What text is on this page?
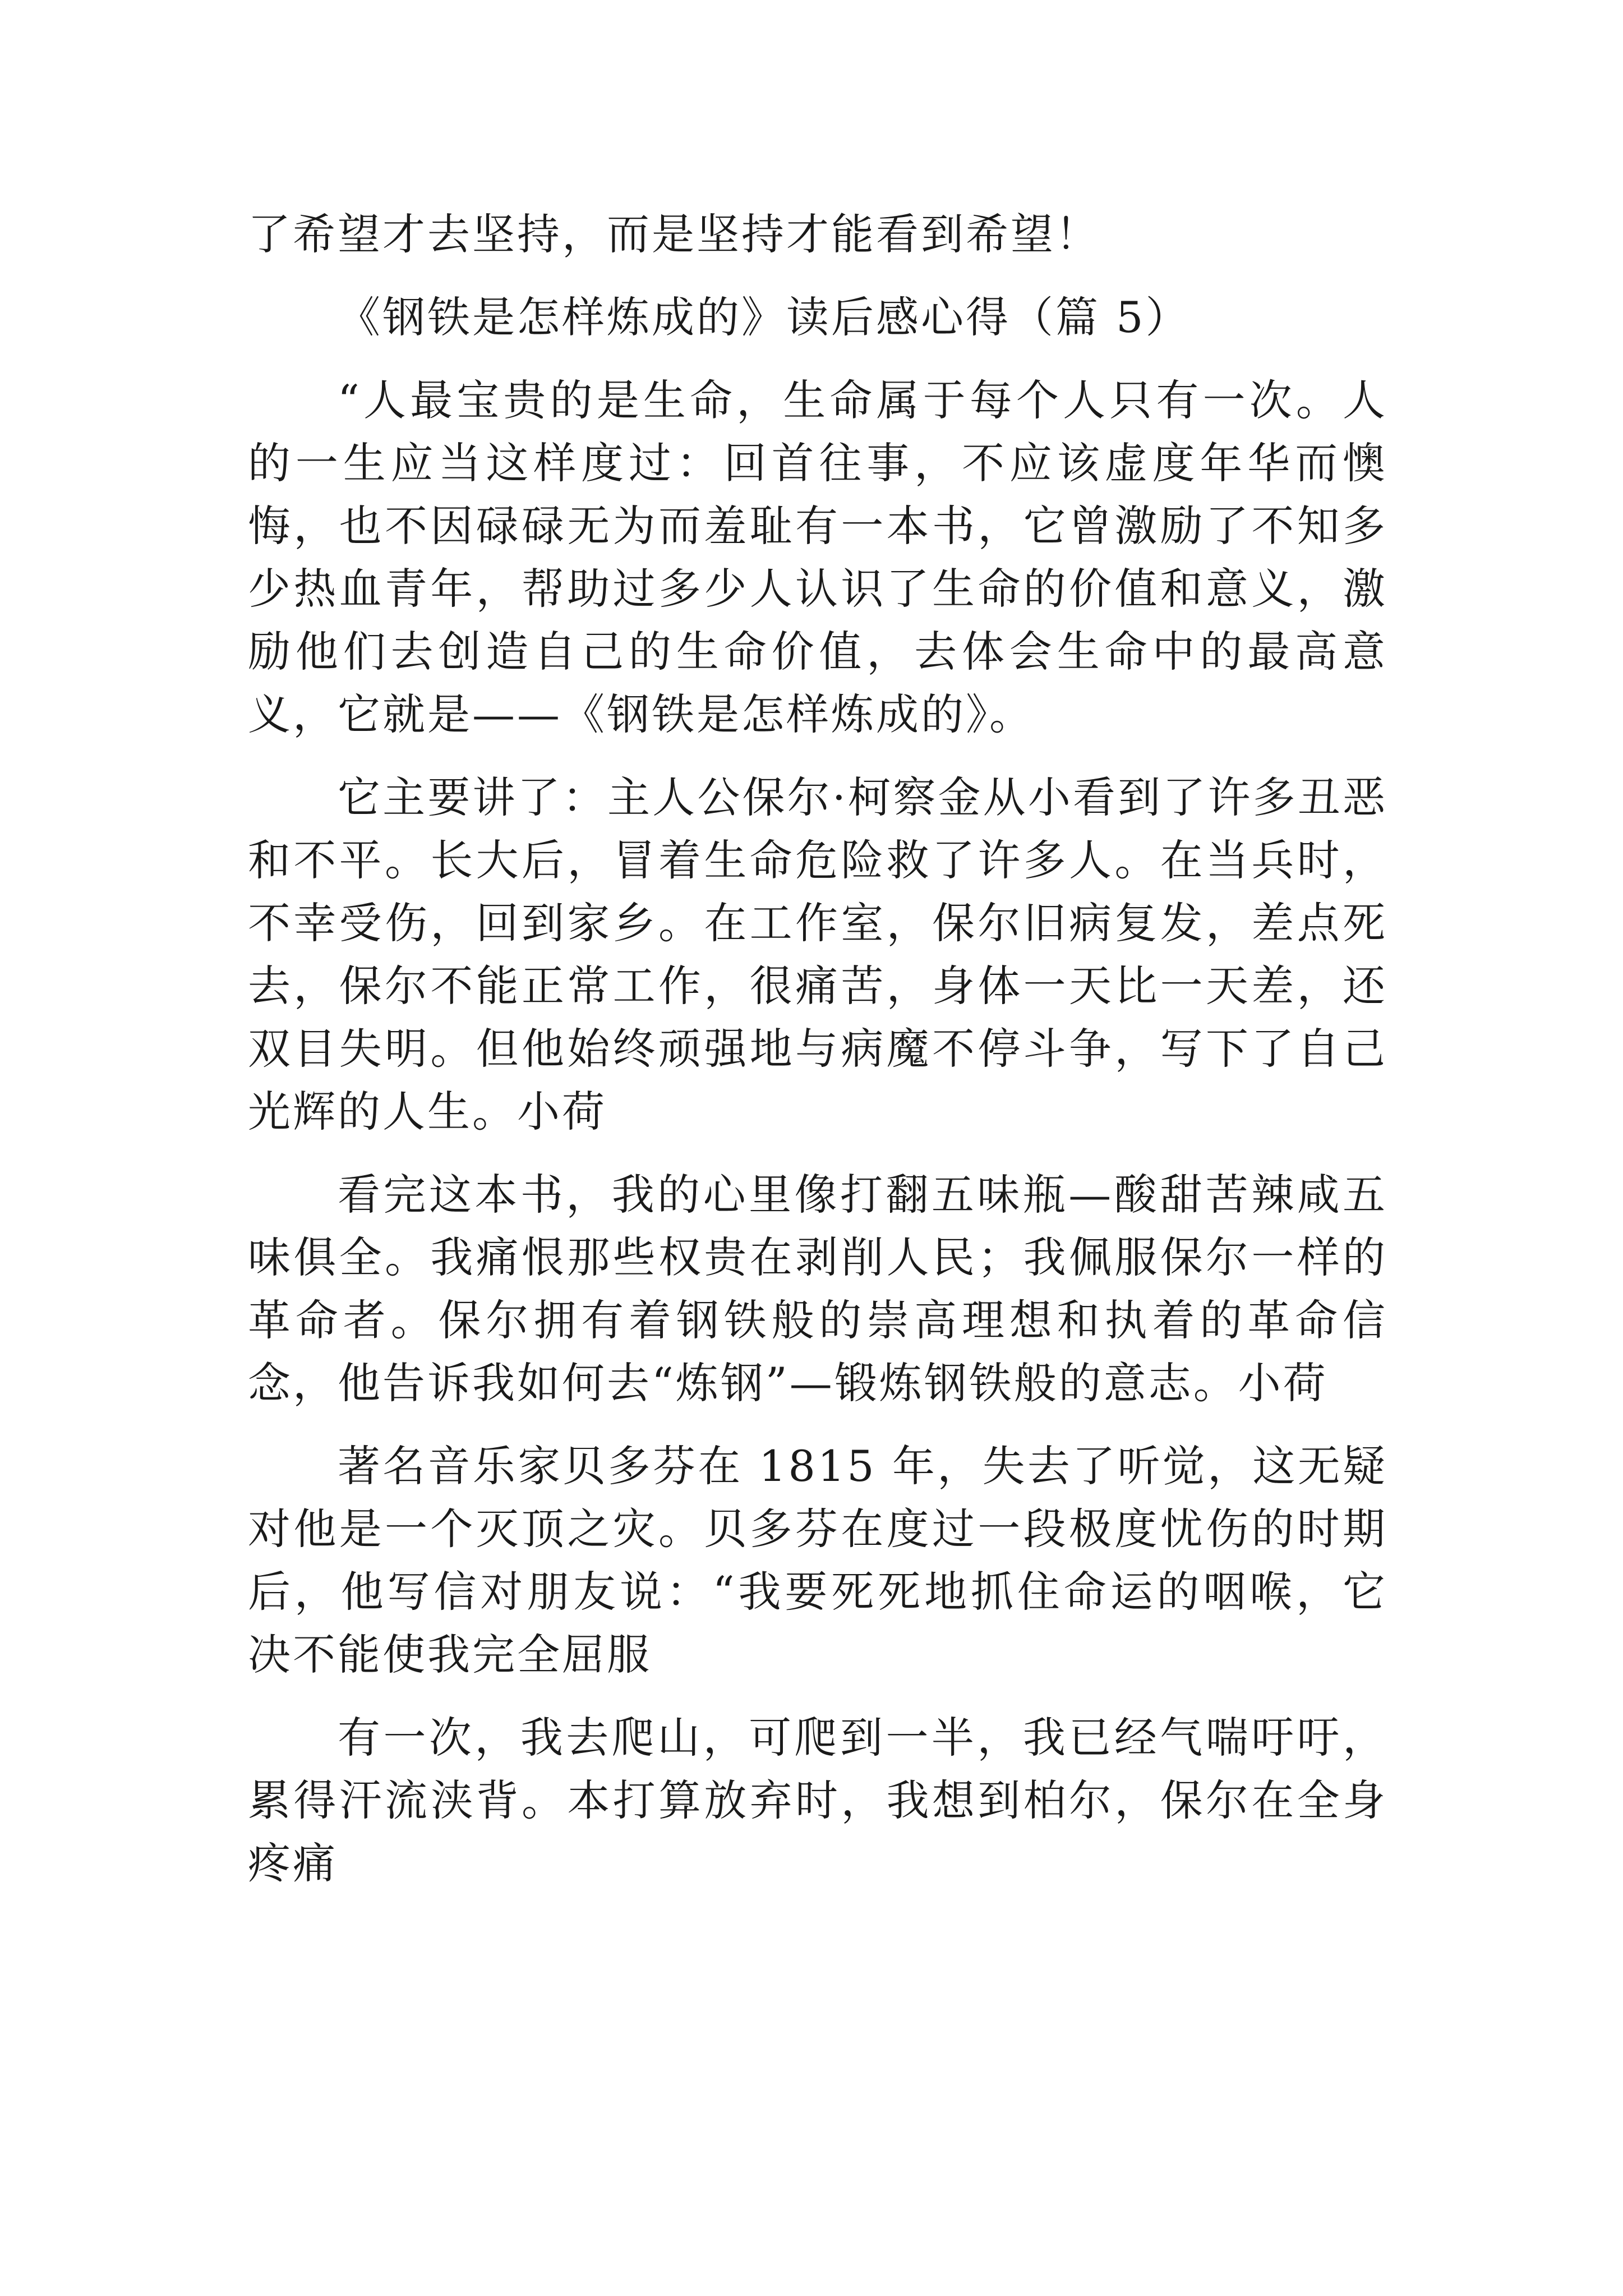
了希望才去坚持，而是坚持才能看到希望！

《钢铁是怎样炼成的》读后感心得（篇 5）

“人最宝贵的是生命，生命属于每个人只有一次。人的一生应当这样度过：回首往事，不应该虚度年华而懊悔，也不因碌碌无为而羞耻有一本书，它曾激励了不知多少热血青年，帮助过多少人认识了生命的价值和意义，激励他们去创造自己的生命价值，去体会生命中的最高意义，它就是——《钢铁是怎样炼成的》。

它主要讲了：主人公保尔·柯察金从小看到了许多丑恶和不平。长大后，冒着生命危险救了许多人。在当兵时，不幸受伤，回到家乡。在工作室，保尔旧病复发，差点死去，保尔不能正常工作，很痛苦，身体一天比一天差，还双目失明。但他始终顽强地与病魔不停斗争，写下了自己光辉的人生。小荷

看完这本书，我的心里像打翻五味瓶—酸甜苦辣咸五味俱全。我痛恨那些权贵在剥削人民；我佩服保尔一样的革命者。保尔拥有着钢铁般的崇高理想和执着的革命信念，他告诉我如何去“炼钢”—锻炼钢铁般的意志。小荷

著名音乐家贝多芬在 1815 年，失去了听觉，这无疑对他是一个灭顶之灾。贝多芬在度过一段极度忧伤的时期后，他写信对朋友说：“我要死死地抓住命运的咽喉，它决不能使我完全屈服

有一次，我去爬山，可爬到一半，我已经气喘吁吁，累得汗流浃背。本打算放弃时，我想到柏尔，保尔在全身疼痛
